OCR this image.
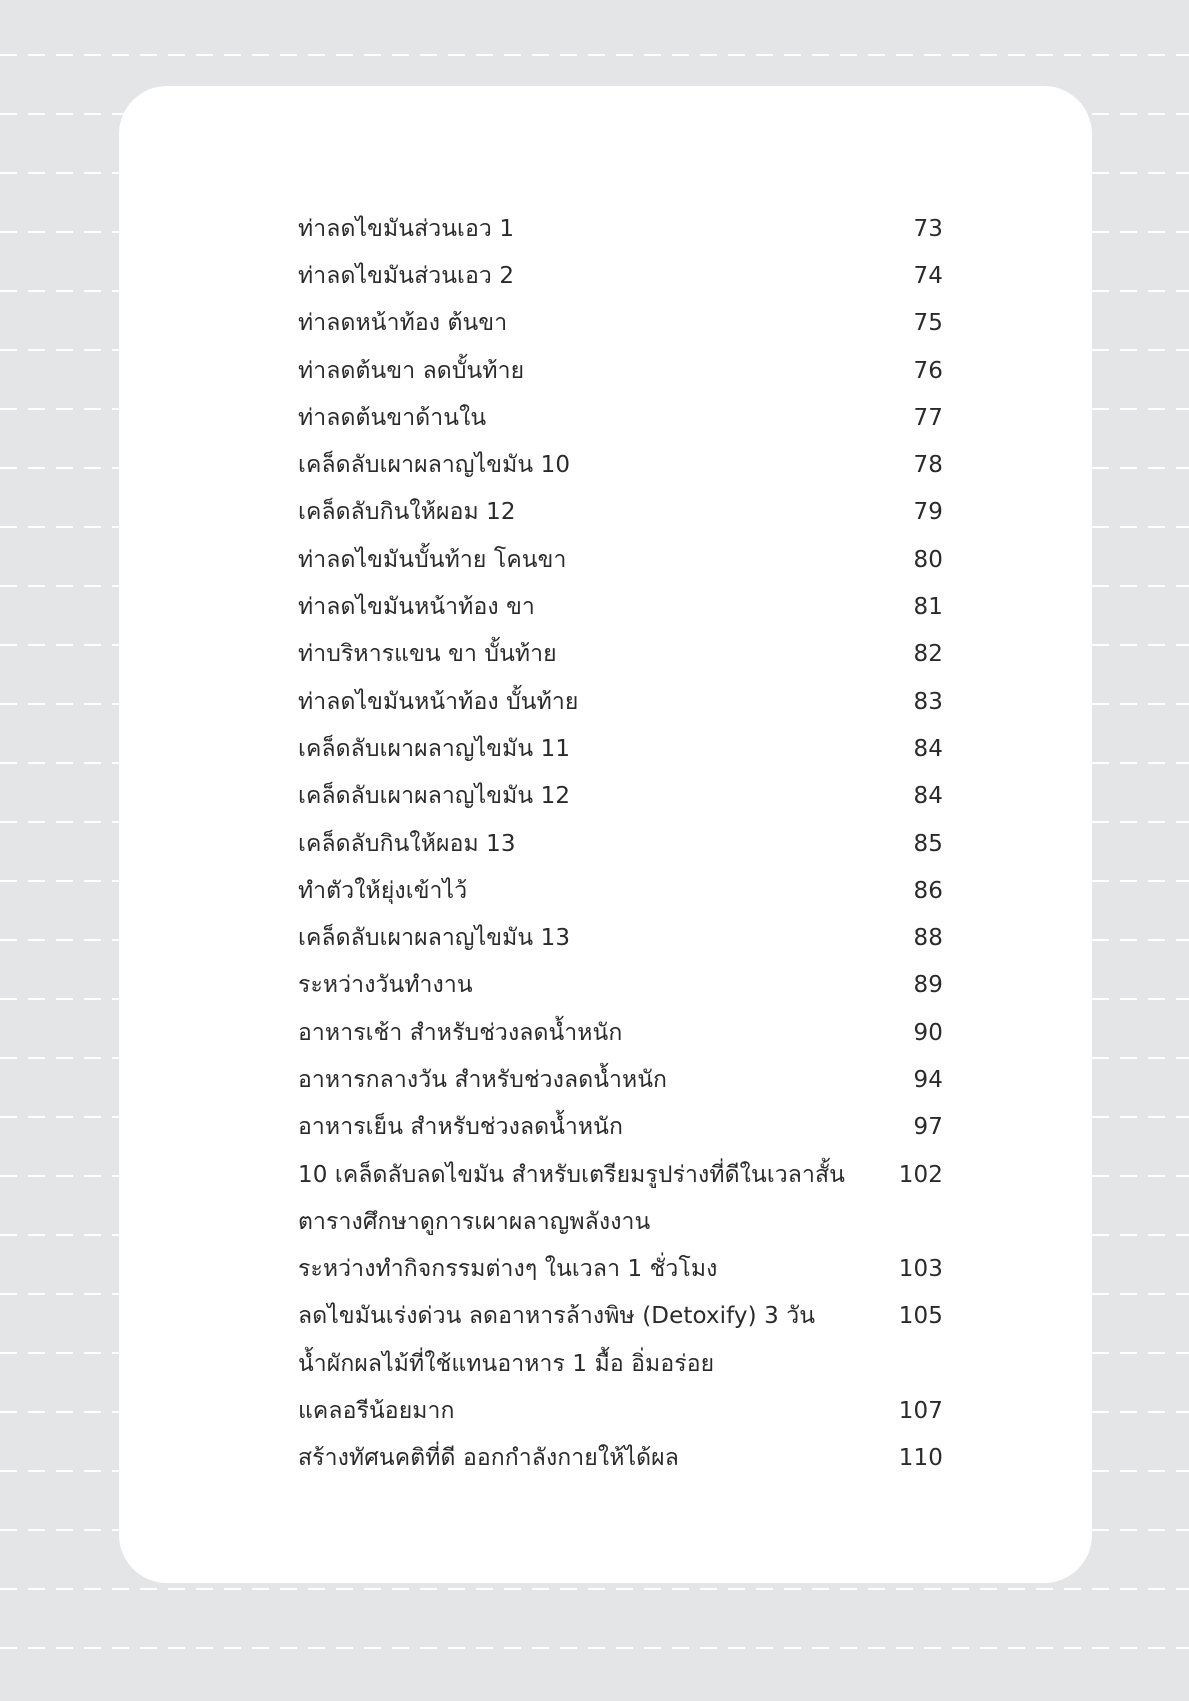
ท่าลดไขมันส่วนเอว 1	73
ท่าลดไขมันส่วนเอว 2	74
ท่าลดหน้าท้อง ต้นขา	75
ท่าลดต้นขา ลดบั้นท้าย	76
ท่าลดต้นขาด้านใน	77
เคล็ดลับเผาผลาญไขมัน 10	78
เคล็ดลับกินให้ผอม 12	79
ท่าลดไขมันบั้นท้าย โคนขา	80
ท่าลดไขมันหน้าท้อง ขา	81
ท่าบริหารแขน ขา บั้นท้าย	82
ท่าลดไขมันหน้าท้อง บั้นท้าย	83
เคล็ดลับเผาผลาญไขมัน 11	84
เคล็ดลับเผาผลาญไขมัน 12	84
เคล็ดลับกินให้ผอม 13	85
ทำตัวให้ยุ่งเข้าไว้	86
เคล็ดลับเผาผลาญไขมัน 13	88
ระหว่างวันทำงาน	89
อาหารเช้า สำหรับช่วงลดน้ำหนัก	90
อาหารกลางวัน สำหรับช่วงลดน้ำหนัก	94
อาหารเย็น สำหรับช่วงลดน้ำหนัก	97
10 เคล็ดลับลดไขมัน สำหรับเตรียมรูปร่างที่ดีในเวลาสั้น 102
ตารางศึกษาดูการเผาผลาญพลังงาน
ระหว่างทำกิจกรรมต่างๆ ในเวลา 1 ชั่วโมง	103
ลดไขมันเร่งด่วน ลดอาหารล้างพิษ (Detoxify) 3 วัน	105
น้ำผักผลไม้ที่ใช้แทนอาหาร 1 มื้อ อิ่มอร่อย
แคลอรีน้อยมาก	107
สร้างทัศนคติที่ดี ออกกำลังกายให้ได้ผล	110
